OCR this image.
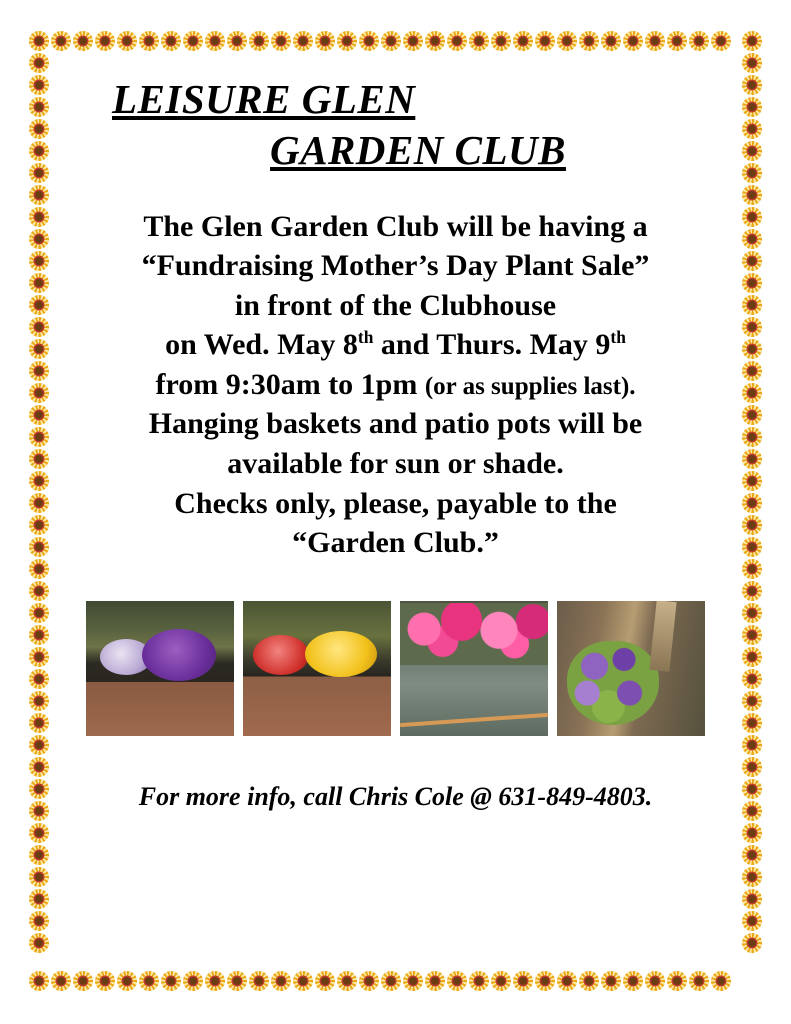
LEISURE GLEN
GARDEN CLUB
The Glen Garden Club will be having a
“Fundraising Mother’s Day Plant Sale”
in front of the Clubhouse
on Wed. May 8th and Thurs. May 9th
from 9:30am to 1pm (or as supplies last).
Hanging baskets and patio pots will be
available for sun or shade.
Checks only, please, payable to the
“Garden Club.”
For more info, call Chris Cole @ 631-849-4803.
